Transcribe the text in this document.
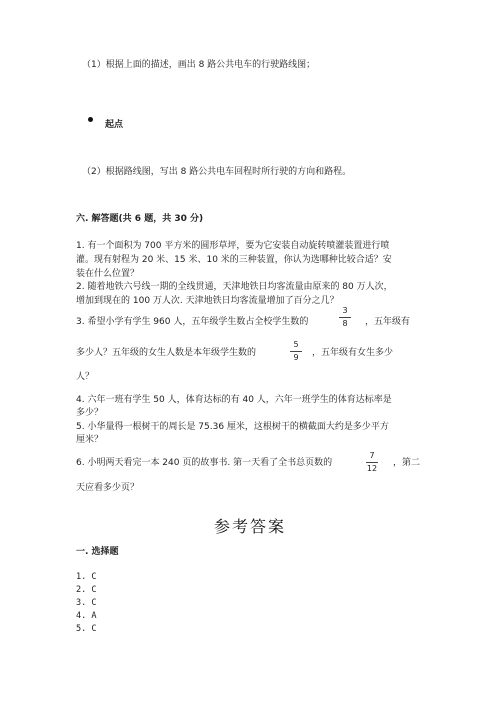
（1）根据上面的描述，画出 8 路公共电车的行驶路线图；
起点
（2）根据路线图，写出 8 路公共电车回程时所行驶的方向和路程。
六. 解答题(共 6 题，共 30 分)
1. 有一个面积为 700 平方米的圆形草坪，要为它安装自动旋转喷灌装置进行喷
灌。现有射程为 20 米、15 米、10 米的三种装置，你认为选哪种比较合适？安
装在什么位置？
2. 随着地铁六号线一期的全线贯通，天津地铁日均客流量由原来的 80 万人次，
增加到现在的 100 万人次. 天津地铁日均客流量增加了百分之几？
3. 希望小学有学生 960 人，五年级学生数占全校学生数的
3
8	，五年级有
多少人？五年级的女生人数是本年级学生数的
5
9	，五年级有女生多少
人？
4. 六年一班有学生 50 人，体育达标的有 40 人，六年一班学生的体育达标率是
多少？
5. 小华量得一根树干的周长是 75.36 厘米，这根树干的横截面大约是多少平方
厘米？
6. 小明两天看完一本 240 页的故事书. 第一天看了全书总页数的
7
12
，第二
天应看多少页？
参考答案
一. 选择题
1. C
2. C
3. C
4. A
5. C
